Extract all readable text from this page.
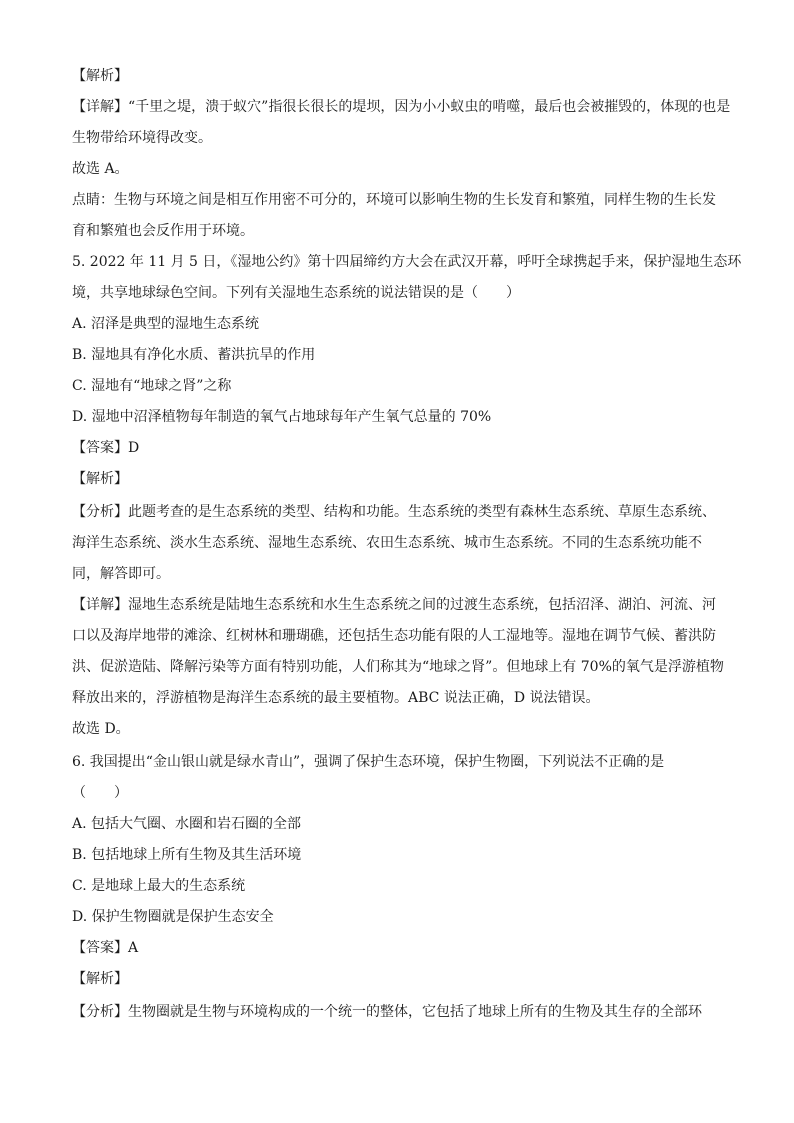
【解析】
【详解】“千里之堤，溃于蚁穴”指很长很长的堤坝，因为小小蚁虫的啃噬，最后也会被摧毁的，体现的也是
生物带给环境得改变。
故选 A。
点睛：生物与环境之间是相互作用密不可分的，环境可以影响生物的生长发育和繁殖，同样生物的生长发
育和繁殖也会反作用于环境。
5. 2022 年 11 月 5 日，《湿地公约》第十四届缔约方大会在武汉开幕，呼吁全球携起手来，保护湿地生态环
境，共享地球绿色空间。下列有关湿地生态系统的说法错误的是（　　）
A. 沼泽是典型的湿地生态系统
B. 湿地具有净化水质、蓄洪抗旱的作用
C. 湿地有“地球之肾”之称
D. 湿地中沼泽植物每年制造的氧气占地球每年产生氧气总量的 70%
【答案】D
【解析】
【分析】此题考查的是生态系统的类型、结构和功能。生态系统的类型有森林生态系统、草原生态系统、
海洋生态系统、淡水生态系统、湿地生态系统、农田生态系统、城市生态系统。不同的生态系统功能不
同，解答即可。
【详解】湿地生态系统是陆地生态系统和水生生态系统之间的过渡生态系统，包括沼泽、湖泊、河流、河
口以及海岸地带的滩涂、红树林和珊瑚礁，还包括生态功能有限的人工湿地等。湿地在调节气候、蓄洪防
洪、促淤造陆、降解污染等方面有特别功能，人们称其为“地球之肾”。但地球上有 70%的氧气是浮游植物
释放出来的，浮游植物是海洋生态系统的最主要植物。ABC 说法正确，D 说法错误。
故选 D。
6. 我国提出“金山银山就是绿水青山”，强调了保护生态环境，保护生物圈，下列说法不正确的是
（　　）
A. 包括大气圈、水圈和岩石圈的全部
B. 包括地球上所有生物及其生活环境
C. 是地球上最大的生态系统
D. 保护生物圈就是保护生态安全
【答案】A
【解析】
【分析】生物圈就是生物与环境构成的一个统一的整体，它包括了地球上所有的生物及其生存的全部环
